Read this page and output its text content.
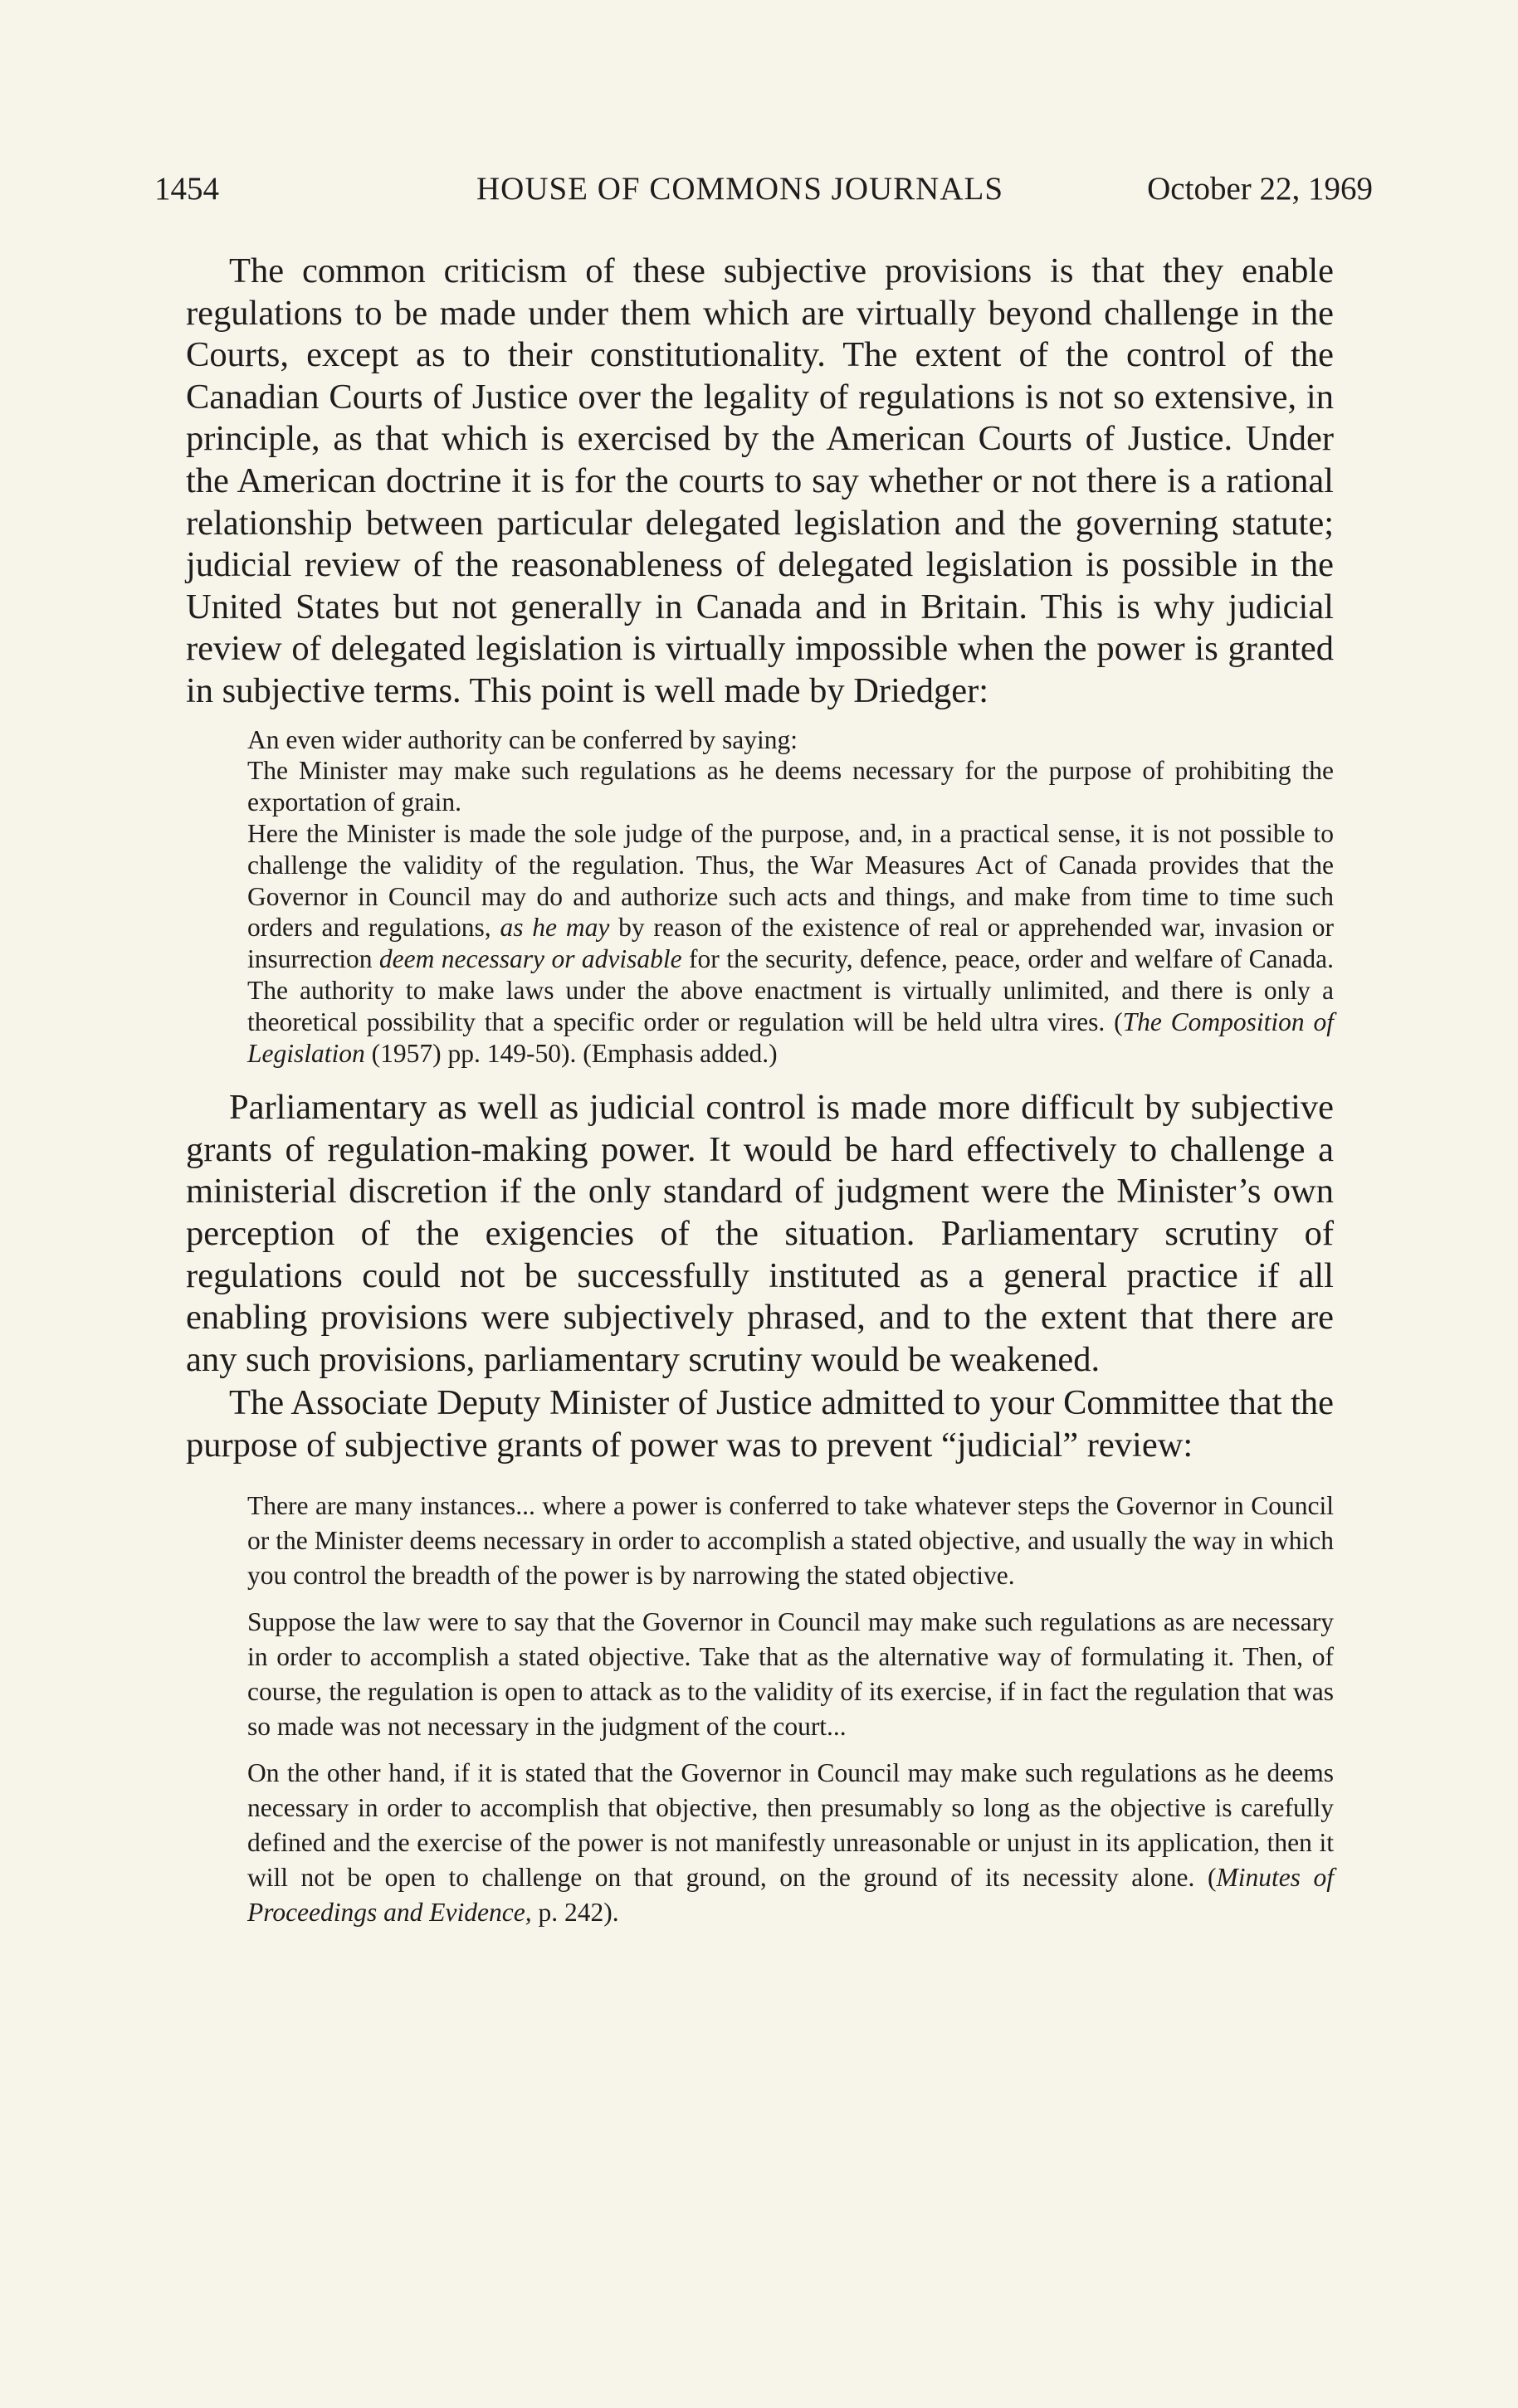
1454	HOUSE OF COMMONS JOURNALS	October 22, 1969

The common criticism of these subjective provisions is that they enable regulations to be made under them which are virtually beyond challenge in the Courts, except as to their constitutionality. The extent of the control of the Canadian Courts of Justice over the legality of regulations is not so extensive, in principle, as that which is exercised by the American Courts of Justice. Under the American doctrine it is for the courts to say whether or not there is a rational relationship between particular delegated legislation and the governing statute; judicial review of the reasonableness of delegated legislation is possible in the United States but not generally in Canada and in Britain. This is why judicial review of delegated legislation is virtually impossible when the power is granted in subjective terms. This point is well made by Driedger:

An even wider authority can be conferred by saying:

The Minister may make such regulations as he deems necessary for the purpose of prohibiting the exportation of grain.

Here the Minister is made the sole judge of the purpose, and, in a practical sense, it is not possible to challenge the validity of the regulation. Thus, the War Measures Act of Canada provides that the Governor in Council may do and authorize such acts and things, and make from time to time such orders and regulations, as he may by reason of the existence of real or apprehended war, invasion or insurrection deem necessary or advisable for the security, defence, peace, order and welfare of Canada. The authority to make laws under the above enactment is virtually unlimited, and there is only a theoretical possibility that a specific order or regulation will be held ultra vires. (The Composition of Legislation (1957) pp. 149-50). (Emphasis added.)

Parliamentary as well as judicial control is made more difficult by subjective grants of regulation-making power. It would be hard effectively to challenge a ministerial discretion if the only standard of judgment were the Minister’s own perception of the exigencies of the situation. Parliamentary scrutiny of regulations could not be successfully instituted as a general practice if all enabling provisions were subjectively phrased, and to the extent that there are any such provisions, parliamentary scrutiny would be weakened.

The Associate Deputy Minister of Justice admitted to your Committee that the purpose of subjective grants of power was to prevent “judicial” review:

There are many instances... where a power is conferred to take whatever steps the Governor in Council or the Minister deems necessary in order to accomplish a stated objective, and usually the way in which you control the breadth of the power is by narrowing the stated objective.

Suppose the law were to say that the Governor in Council may make such regulations as are necessary in order to accomplish a stated objective. Take that as the alternative way of formulating it. Then, of course, the regulation is open to attack as to the validity of its exercise, if in fact the regulation that was so made was not necessary in the judgment of the court...

On the other hand, if it is stated that the Governor in Council may make such regulations as he deems necessary in order to accomplish that objective, then presumably so long as the objective is carefully defined and the exercise of the power is not manifestly unreasonable or unjust in its application, then it will not be open to challenge on that ground, on the ground of its necessity alone. (Minutes of Proceedings and Evidence, p. 242).
